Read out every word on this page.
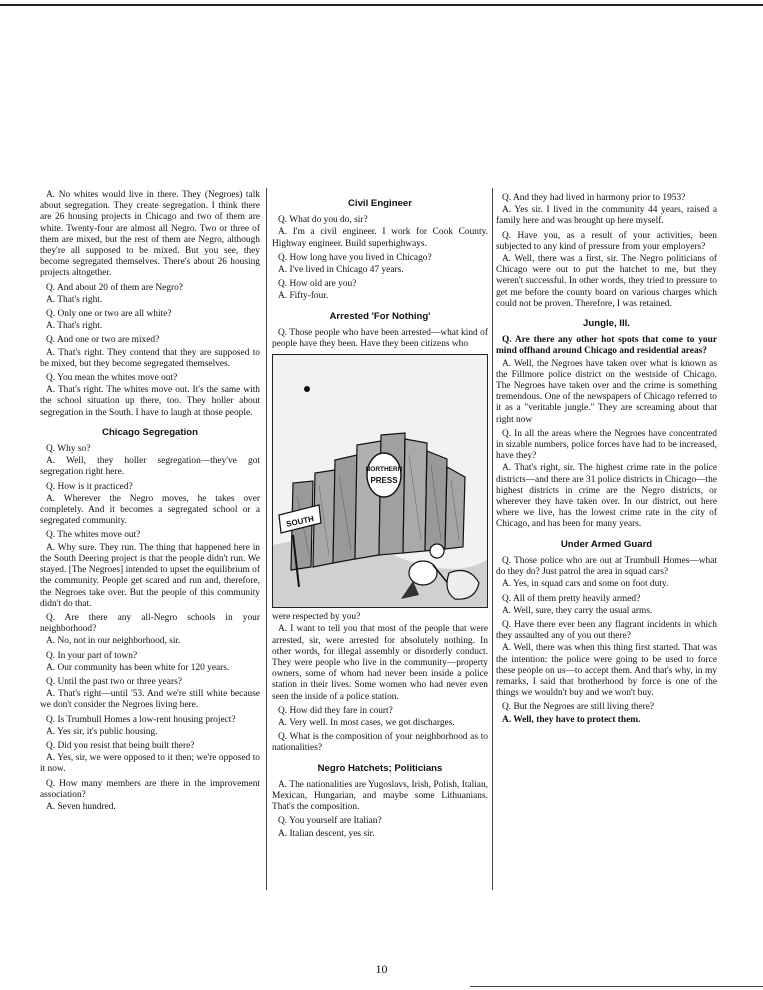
A. No whites would live in there. They (Negroes) talk about segregation. They create segregation. I think there are 26 housing projects in Chicago and two of them are white. Twenty-four are almost all Negro. Two or three of them are mixed, but the rest of them are Negro, although they're all supposed to be mixed. But you see, they become segregated themselves. There's about 26 housing projects altogether.

Q. And about 20 of them are Negro?

A. That's right.

Q. Only one or two are all white?

A. That's right.

Q. And one or two are mixed?

A. That's right. They contend that they are supposed to be mixed, but they become segregated themselves.

Q. You mean the whites move out?

A. That's right. The whites move out. It's the same with the school situation up there, too. They holler about segregation in the South. I have to laugh at those people.

Chicago Segregation

Q. Why so?

A. Well, they holler segregation—they've got segregation right here.

Q. How is it practiced?

A. Wherever the Negro moves, he takes over completely. And it becomes a segregated school or a segregated community.

Q. The whites move out?

A. Why sure. They run. The thing that happened here in the South Deering project is that the people didn't run. We stayed. [The Negroes] intended to upset the equilibrium of the community. People get scared and run and, therefore, the Negroes take over. But the people of this community didn't do that.

Q. Are there any all-Negro schools in your neighborhood?

A. No, not in our neighborhood, sir.

Q. In your part of town?

A. Our community has been white for 120 years.

Q. Until the past two or three years?

A. That's right—until '53. And we're still white because we don't consider the Negroes living here.

Q. Is Trumbull Homes a low-rent housing project?

A. Yes sir, it's public housing.

Q. Did you resist that being built there?

A. Yes, sir, we were opposed to it then; we're opposed to it now.

Q. How many members are there in the improvement association?

A. Seven hundred.

Civil Engineer

Q. What do you do, sir?

A. I'm a civil engineer. I work for Cook County. Highway engineer. Build superhighways.

Q. How long have you lived in Chicago?

A. I've lived in Chicago 47 years.

Q. How old are you?

A. Fifty-four.

Arrested 'For Nothing'

Q. Those people who have been arrested—what kind of people have they been. Have they been citizens who

NORTHERN
PRESS
SOUTH

were respected by you?

A. I want to tell you that most of the people that were arrested, sir, were arrested for absolutely nothing. In other words, for illegal assembly or disorderly conduct. They were people who live in the community—property owners, some of whom had never been inside a police station in their lives. Some women who had never even seen the inside of a police station.

Q. How did they fare in court?

A. Very well. In most cases, we got discharges.

Q. What is the composition of your neighborhood as to nationalities?

Negro Hatchets; Politicians

A. The nationalities are Yugoslavs, Irish, Polish, Italian, Mexican, Hungarian, and maybe some Lithuanians. That's the composition.

Q. You yourself are Italian?

A. Italian descent, yes sir.

Q. And they had lived in harmony prior to 1953?

A. Yes sir. I lived in the community 44 years, raised a family here and was brought up here myself.

Q. Have you, as a result of your activities, been subjected to any kind of pressure from your employers?

A. Well, there was a first, sir. The Negro politicians of Chicago were out to put the hatchet to me, but they weren't successful. In other words, they tried to pressure to get me before the county board on various charges which could not be proven. Therefore, I was retained.

Jungle, Ill.

Q. Are there any other hot spots that come to your mind offhand around Chicago and residential areas?

A. Well, the Negroes have taken over what is known as the Fillmore police district on the westside of Chicago. The Negroes have taken over and the crime is something tremendous. One of the newspapers of Chicago referred to it as a "veritable jungle." They are screaming about that right now

Q. In all the areas where the Negroes have concentrated in sizable numbers, police forces have had to be increased, have they?

A. That's right, sir. The highest crime rate in the police districts—and there are 31 police districts in Chicago—the highest districts in crime are the Negro districts, or wherever they have taken over. In our district, out here where we live, has the lowest crime rate in the city of Chicago, and has been for many years.

Under Armed Guard

Q. Those police who are out at Trumbull Homes—what do they do? Just patrol the area in squad cars?

A. Yes, in squad cars and some on foot duty.

Q. All of them pretty heavily armed?

A. Well, sure, they carry the usual arms.

Q. Have there ever been any flagrant incidents in which they assaulted any of you out there?

A. Well, there was when this thing first started. That was the intention: the police were going to be used to force these people on us—to accept them. And that's why, in my remarks, I said that brotherhood by force is one of the things we wouldn't buy and we won't buy.

Q. But the Negroes are still living there?

A. Well, they have to protect them.

10
